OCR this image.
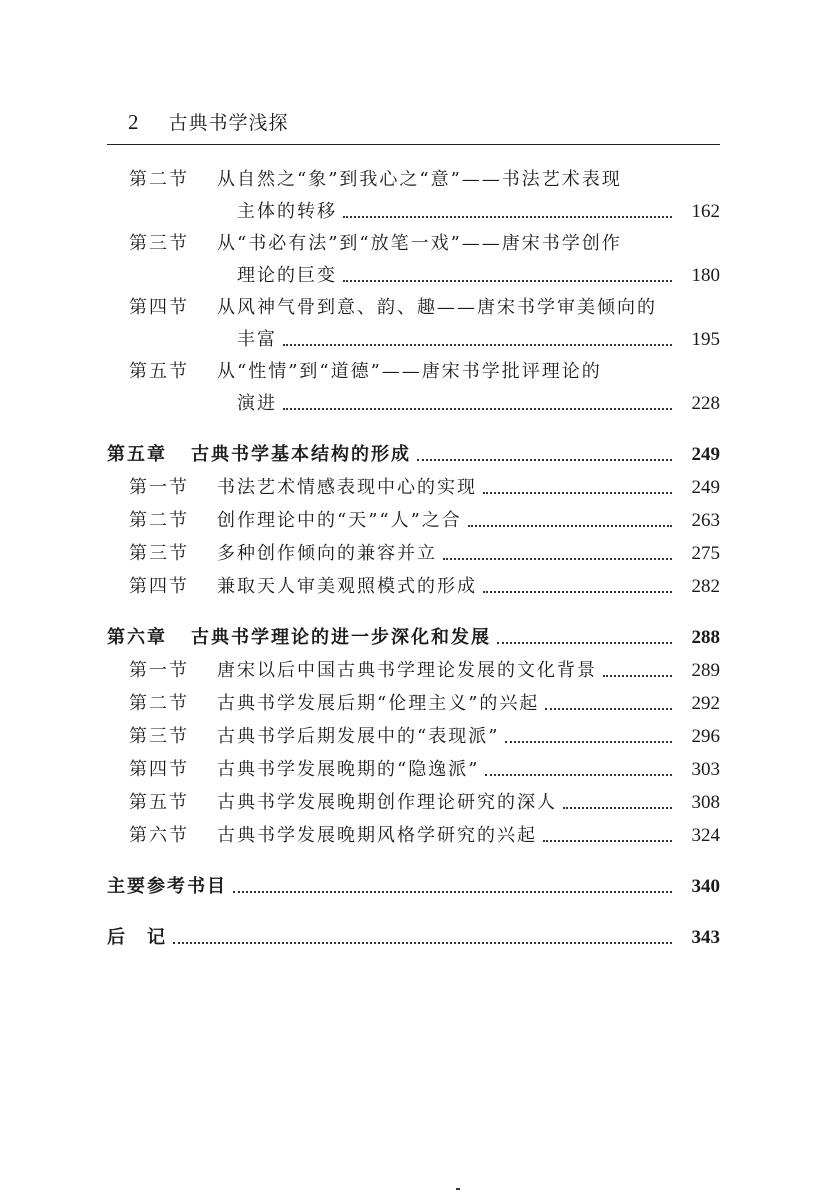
2 古典书学浅探
第二节	从自然之“象”到我心之“意”——书法艺术表现
主体的转移	162
第三节	从“书必有法”到“放笔一戏”——唐宋书学创作
理论的巨变	180
第四节	从风神气骨到意、韵、趣——唐宋书学审美倾向的
丰富	195
第五节	从“性情”到“道德”——唐宋书学批评理论的
演进	228
第五章	古典书学基本结构的形成	249
第一节	书法艺术情感表现中心的实现	249
第二节	创作理论中的“天”“人”之合	263
第三节	多种创作倾向的兼容并立	275
第四节	兼取天人审美观照模式的形成	282
第六章	古典书学理论的进一步深化和发展	288
第一节	唐宋以后中国古典书学理论发展的文化背景	289
第二节	古典书学发展后期“伦理主义”的兴起	292
第三节	古典书学后期发展中的“表现派”	296
第四节	古典书学发展晚期的“隐逸派”	303
第五节	古典书学发展晚期创作理论研究的深人	308
第六节	古典书学发展晚期风格学研究的兴起	324
主要参考书目	340
后　记	343
